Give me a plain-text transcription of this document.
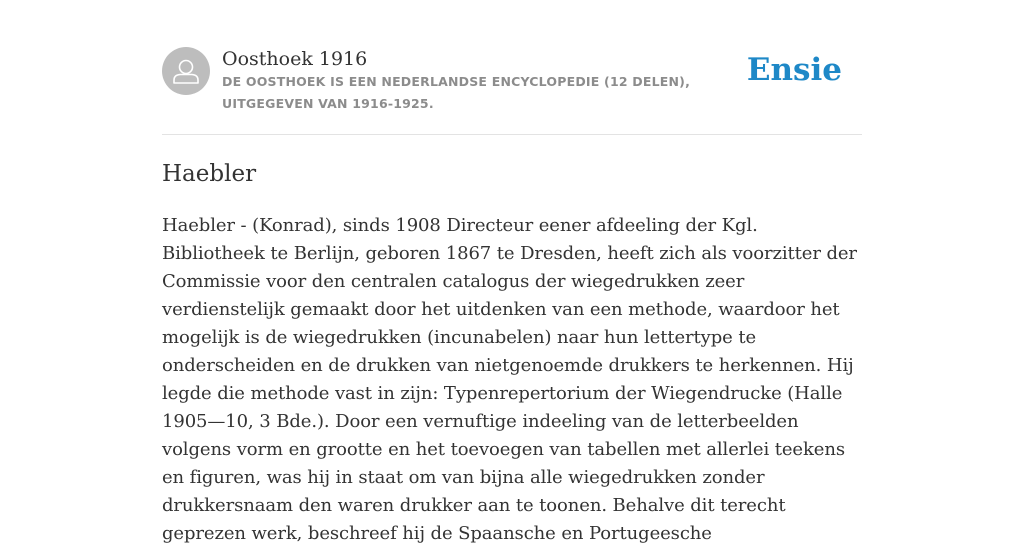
Oosthoek 1916
DE OOSTHOEK IS EEN NEDERLANDSE ENCYCLOPEDIE (12 DELEN), UITGEGEVEN VAN 1916-1925.
Ensie
Haebler

Haebler - (Konrad), sinds 1908 Directeur eener afdeeling der Kgl. Bibliotheek te Berlijn, geboren 1867 te Dresden, heeft zich als voorzitter der Commissie voor den centralen catalogus der wiegedrukken zeer verdienstelijk gemaakt door het uitdenken van een methode, waardoor het mogelijk is de wiegedrukken (incunabelen) naar hun lettertype te onderscheiden en de drukken van nietgenoemde drukkers te herkennen. Hij legde die methode vast in zijn: Typenrepertorium der Wiegendrucke (Halle 1905—10, 3 Bde.). Door een vernuftige indeeling van de letterbeelden volgens vorm en grootte en het toevoegen van tabellen met allerlei teekens en figuren, was hij in staat om van bijna alle wiegedrukken zonder drukkersnaam den waren drukker aan te toonen. Behalve dit terecht geprezen werk, beschreef hij de Spaansche en Portugeesche
